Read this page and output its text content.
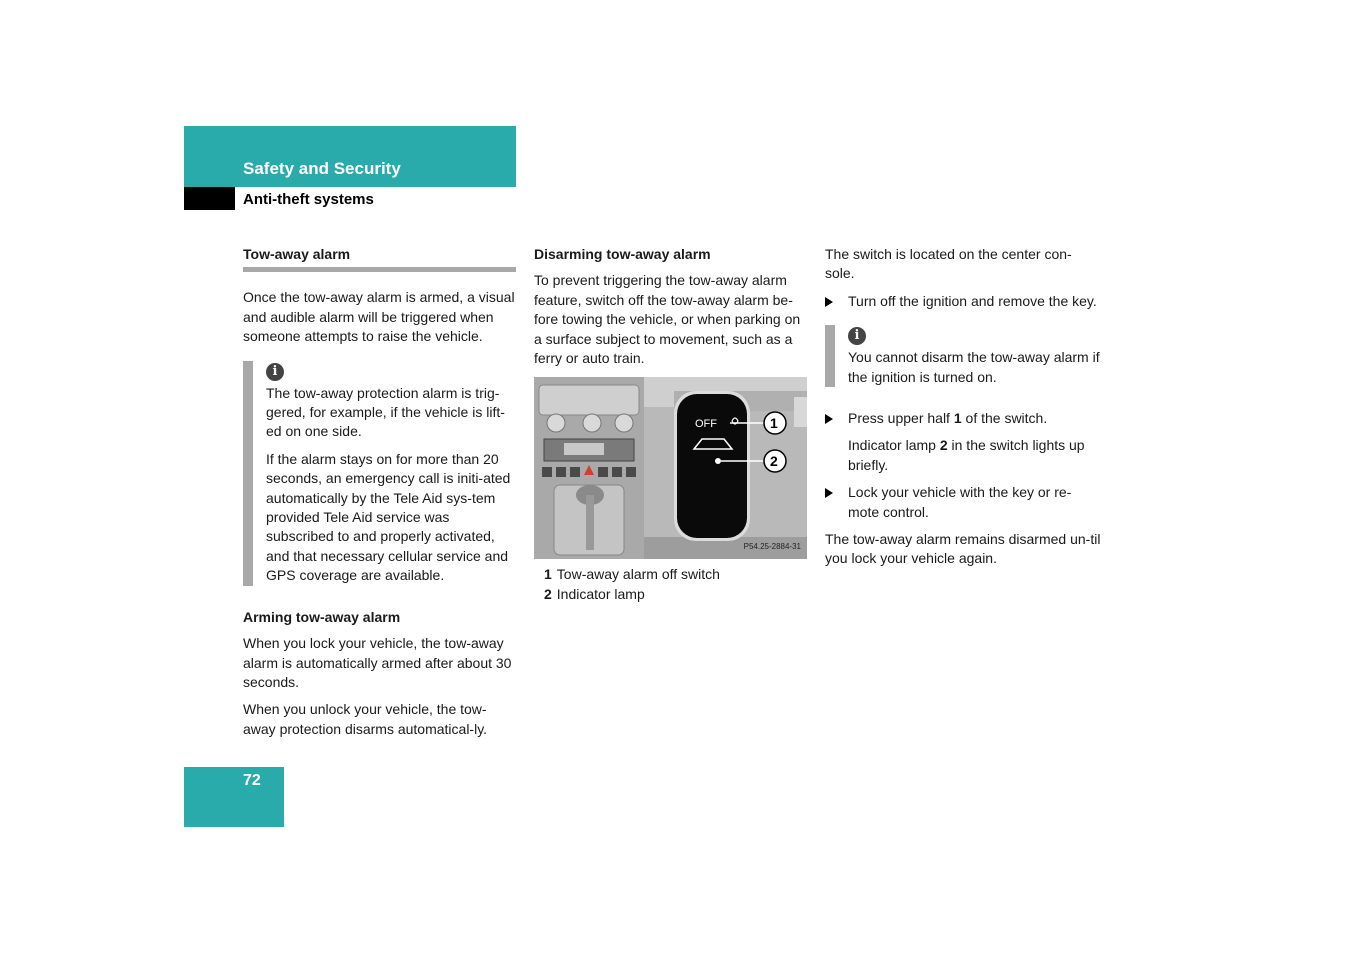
Safety and Security
Anti-theft systems
Tow-away alarm

Once the tow-away alarm is armed, a visual and audible alarm will be triggered when someone attempts to raise the vehicle.

i

The tow-away protection alarm is trig-gered, for example, if the vehicle is lift-ed on one side.

If the alarm stays on for more than 20 seconds, an emergency call is initi-ated automatically by the Tele Aid sys-tem provided Tele Aid service was subscribed to and properly activated, and that necessary cellular service and GPS coverage are available.

Arming tow-away alarm

When you lock your vehicle, the tow-away alarm is automatically armed after about 30 seconds.

When you unlock your vehicle, the tow-away protection disarms automatical-ly.

Disarming tow-away alarm

To prevent triggering the tow-away alarm feature, switch off the tow-away alarm be-fore towing the vehicle, or when parking on a surface subject to movement, such as a ferry or auto train.

OFF	1
2
P54.25-2884-31

1 Tow-away alarm off switch

2 Indicator lamp

The switch is located on the center con-sole.

Turn off the ignition and remove the key.

i

You cannot disarm the tow-away alarm if the ignition is turned on.

Press upper half 1 of the switch.

Indicator lamp 2 in the switch lights up briefly.

Lock your vehicle with the key or re-mote control.

The tow-away alarm remains disarmed un-til you lock your vehicle again.

72
